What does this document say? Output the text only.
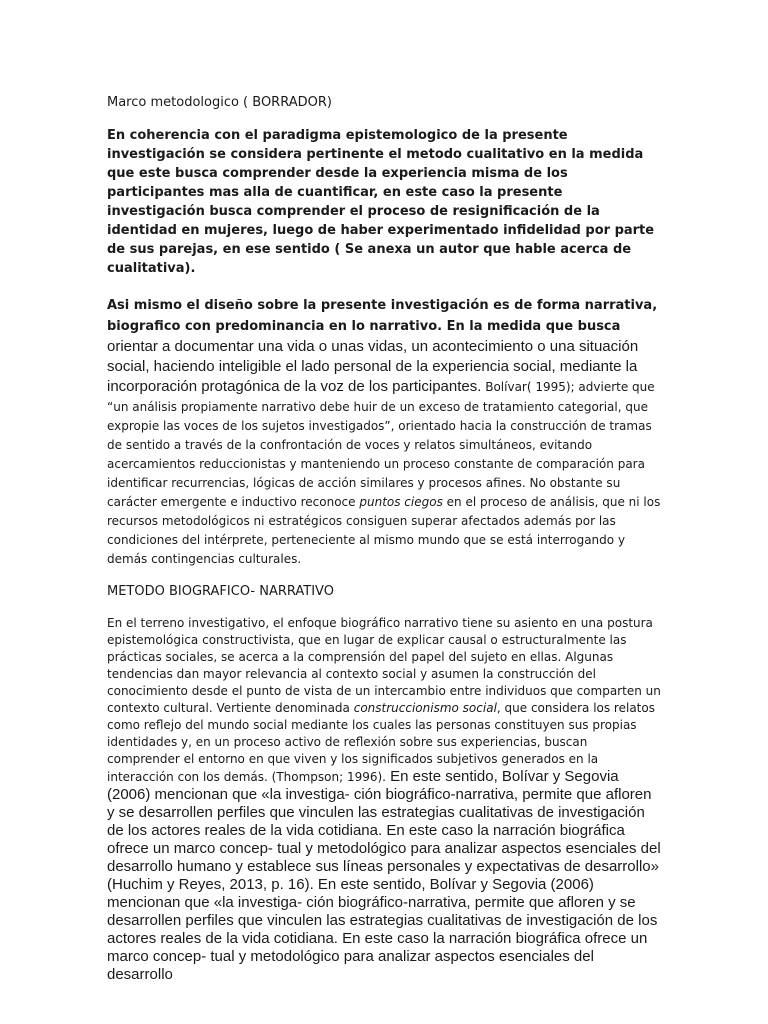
Marco metodologico ( BORRADOR)

En coherencia con el paradigma epistemologico de la presente investigación se considera pertinente el metodo cualitativo en la medida que este busca comprender desde la experiencia misma de los participantes mas alla de cuantificar, en este caso la presente investigación busca comprender el proceso de resignificación de la identidad en mujeres, luego de haber experimentado infidelidad por parte de sus parejas, en ese sentido ( Se anexa un autor que hable acerca de cualitativa).

Asi mismo el diseño sobre la presente investigación es de forma narrativa, biografico con predominancia en lo narrativo. En la medida que busca orientar a documentar una vida o unas vidas, un acontecimiento o una situación social, haciendo inteligible el lado personal de la experiencia social, mediante la incorporación protagónica de la voz de los participantes. Bolívar( 1995); advierte que “un análisis propiamente narrativo debe huir de un exceso de tratamiento categorial, que expropie las voces de los sujetos investigados”, orientado hacia la construcción de tramas de sentido a través de la confrontación de voces y relatos simultáneos, evitando acercamientos reduccionistas y manteniendo un proceso constante de comparación para identificar recurrencias, lógicas de acción similares y procesos afines. No obstante su carácter emergente e inductivo reconoce puntos ciegos en el proceso de análisis, que ni los recursos metodológicos ni estratégicos consiguen superar afectados además por las condiciones del intérprete, perteneciente al mismo mundo que se está interrogando y demás contingencias culturales.

METODO BIOGRAFICO- NARRATIVO

En el terreno investigativo, el enfoque biográfico narrativo tiene su asiento en una postura epistemológica constructivista, que en lugar de explicar causal o estructuralmente las prácticas sociales, se acerca a la comprensión del papel del sujeto en ellas. Algunas tendencias dan mayor relevancia al contexto social y asumen la construcción del conocimiento desde el punto de vista de un intercambio entre individuos que comparten un contexto cultural. Vertiente denominada construccionismo social, que considera los relatos como reflejo del mundo social mediante los cuales las personas constituyen sus propias identidades y, en un proceso activo de reflexión sobre sus experiencias, buscan comprender el entorno en que viven y los significados subjetivos generados en la interacción con los demás. (Thompson; 1996). En este sentido, Bolívar y Segovia (2006) mencionan que «la investiga- ción biográfico-narrativa, permite que afloren y se desarrollen perfiles que vinculen las estrategias cualitativas de investigación de los actores reales de la vida cotidiana. En este caso la narración biográfica ofrece un marco concep- tual y metodológico para analizar aspectos esenciales del desarrollo humano y establece sus líneas personales y expectativas de desarrollo» (Huchim y Reyes, 2013, p. 16). En este sentido, Bolívar y Segovia (2006) mencionan que «la investiga- ción biográfico-narrativa, permite que afloren y se desarrollen perfiles que vinculen las estrategias cualitativas de investigación de los actores reales de la vida cotidiana. En este caso la narración biográfica ofrece un marco concep- tual y metodológico para analizar aspectos esenciales del desarrollo
